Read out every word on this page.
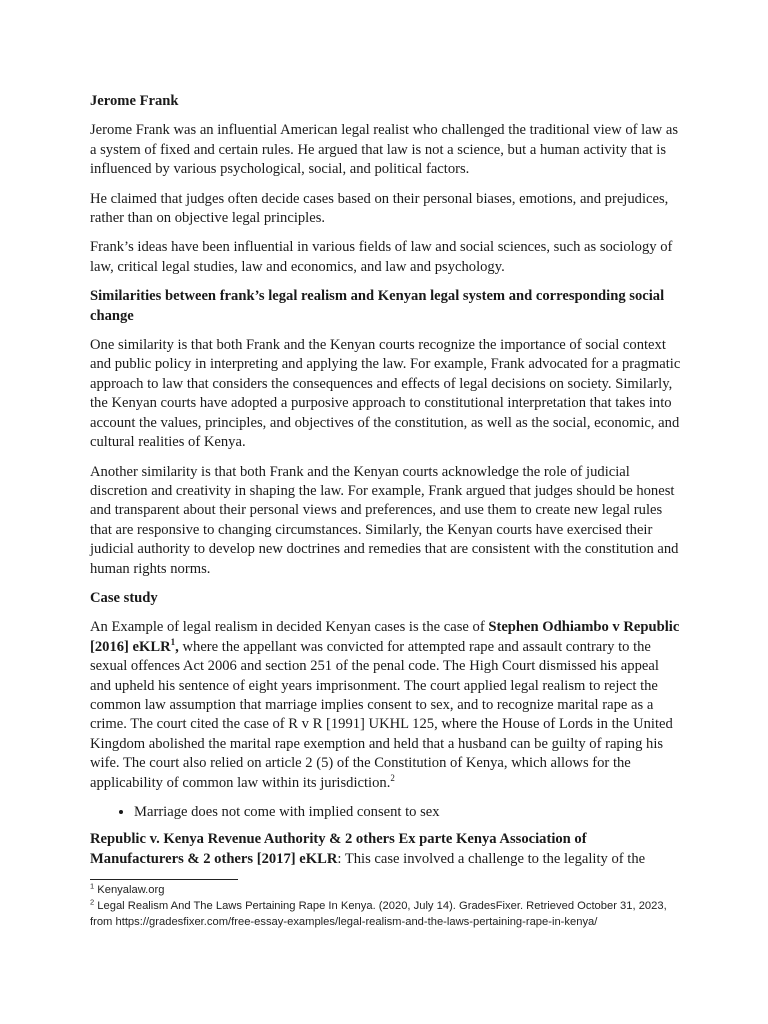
Jerome Frank

Jerome Frank was an influential American legal realist who challenged the traditional view of law as a system of fixed and certain rules. He argued that law is not a science, but a human activity that is influenced by various psychological, social, and political factors.

He claimed that judges often decide cases based on their personal biases, emotions, and prejudices, rather than on objective legal principles.

Frank’s ideas have been influential in various fields of law and social sciences, such as sociology of law, critical legal studies, law and economics, and law and psychology.

Similarities between frank’s legal realism and Kenyan legal system and corresponding social change

One similarity is that both Frank and the Kenyan courts recognize the importance of social context and public policy in interpreting and applying the law. For example, Frank advocated for a pragmatic approach to law that considers the consequences and effects of legal decisions on society. Similarly, the Kenyan courts have adopted a purposive approach to constitutional interpretation that takes into account the values, principles, and objectives of the constitution, as well as the social, economic, and cultural realities of Kenya.

Another similarity is that both Frank and the Kenyan courts acknowledge the role of judicial discretion and creativity in shaping the law. For example, Frank argued that judges should be honest and transparent about their personal views and preferences, and use them to create new legal rules that are responsive to changing circumstances. Similarly, the Kenyan courts have exercised their judicial authority to develop new doctrines and remedies that are consistent with the constitution and human rights norms.

Case study

An Example of legal realism in decided Kenyan cases is the case of Stephen Odhiambo v Republic [2016] eKLR$^1$, where the appellant was convicted for attempted rape and assault contrary to the sexual offences Act 2006 and section 251 of the penal code. The High Court dismissed his appeal and upheld his sentence of eight years imprisonment. The court applied legal realism to reject the common law assumption that marriage implies consent to sex, and to recognize marital rape as a crime. The court cited the case of R v R [1991] UKHL 125, where the House of Lords in the United Kingdom abolished the marital rape exemption and held that a husband can be guilty of raping his wife. The court also relied on article 2 (5) of the Constitution of Kenya, which allows for the applicability of common law within its jurisdiction.$^2$

• Marriage does not come with implied consent to sex

Republic v. Kenya Revenue Authority & 2 others Ex parte Kenya Association of Manufacturers & 2 others [2017] eKLR: This case involved a challenge to the legality of the

$^1$ Kenyalaw.org

$^2$ Legal Realism And The Laws Pertaining Rape In Kenya. (2020, July 14). GradesFixer. Retrieved October 31, 2023, from https://gradesfixer.com/free-essay-examples/legal-realism-and-the-laws-pertaining-rape-in-kenya/
